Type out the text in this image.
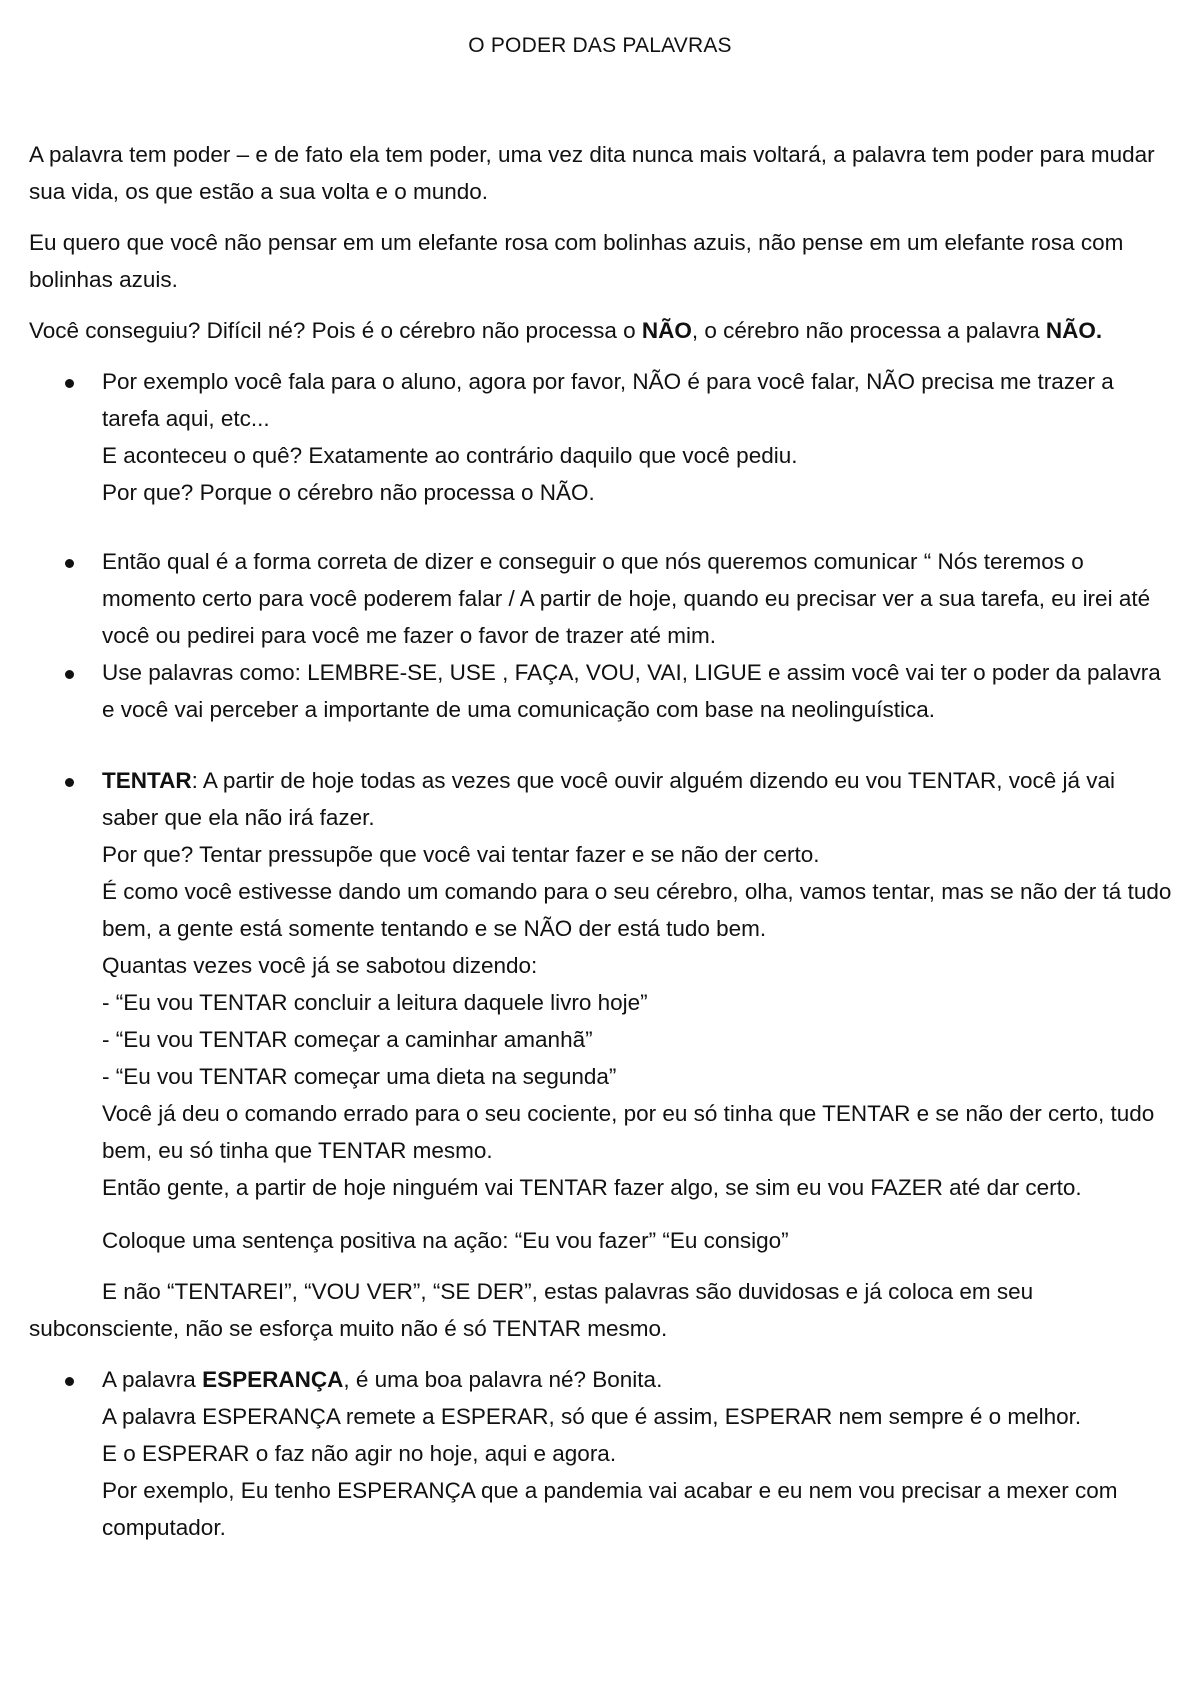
O PODER DAS PALAVRAS

A palavra tem poder – e de fato ela tem poder, uma vez dita nunca mais voltará, a palavra tem poder para mudar sua vida, os que estão a sua volta e o mundo.

Eu quero que você não pensar em um elefante rosa com bolinhas azuis, não pense em um elefante rosa com bolinhas azuis.

Você conseguiu? Difícil né? Pois é o cérebro não processa o NÃO, o cérebro não processa a palavra NÃO.

Por exemplo você fala para o aluno, agora por favor, NÃO é para você falar, NÃO precisa me trazer a tarefa aqui, etc...
E aconteceu o quê? Exatamente ao contrário daquilo que você pediu.
Por que? Porque o cérebro não processa o NÃO.
Então qual é a forma correta de dizer e conseguir o que nós queremos comunicar “ Nós teremos o momento certo para você poderem falar / A partir de hoje, quando eu precisar ver a sua tarefa, eu irei até você ou pedirei para você me fazer o favor de trazer até mim.
Use palavras como: LEMBRE-SE, USE , FAÇA, VOU, VAI, LIGUE e assim você vai ter o poder da palavra e você vai perceber a importante de uma comunicação com base na neolinguística.
TENTAR: A partir de hoje todas as vezes que você ouvir alguém dizendo eu vou TENTAR, você já vai saber que ela não irá fazer.
Por que? Tentar pressupõe que você vai tentar fazer e se não der certo.
É como você estivesse dando um comando para o seu cérebro, olha, vamos tentar, mas se não der tá tudo bem, a gente está somente tentando e se NÃO der está tudo bem.
Quantas vezes você já se sabotou dizendo:
- “Eu vou TENTAR concluir a leitura daquele livro hoje”
- “Eu vou TENTAR começar a caminhar amanhã”
- “Eu vou TENTAR começar uma dieta na segunda”
Você já deu o comando errado para o seu cociente, por eu só tinha que TENTAR e se não der certo, tudo bem, eu só tinha que TENTAR mesmo.
Então gente, a partir de hoje ninguém vai TENTAR fazer algo, se sim eu vou FAZER até dar certo.

Coloque uma sentença positiva na ação: “Eu vou fazer” “Eu consigo”

E não “TENTAREI”, “VOU VER”, “SE DER”, estas palavras são duvidosas e já coloca em seu subconsciente, não se esforça muito não é só TENTAR mesmo.

A palavra ESPERANÇA, é uma boa palavra né? Bonita.
A palavra ESPERANÇA remete a ESPERAR, só que é assim, ESPERAR nem sempre é o melhor.
E o ESPERAR o faz não agir no hoje, aqui e agora.
Por exemplo, Eu tenho ESPERANÇA que a pandemia vai acabar e eu nem vou precisar a mexer com computador.
